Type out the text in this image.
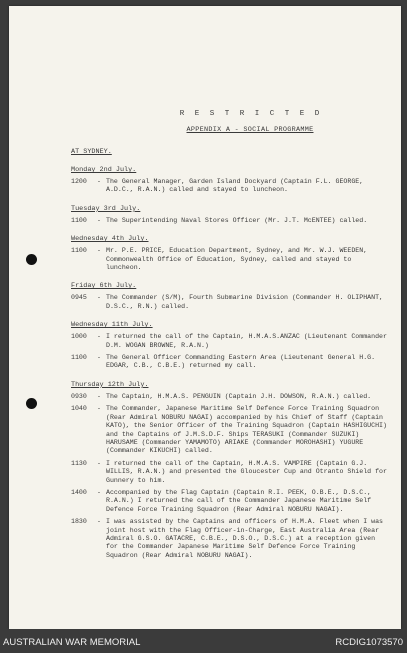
R E S T R I C T E D
APPENDIX A - SOCIAL PROGRAMME
AT SYDNEY.
Monday 2nd July.
1200	- The General Manager, Garden Island Dockyard (Captain F.L. GEORGE, A.D.C., R.A.N.) called and stayed to luncheon.
Tuesday 3rd July.
1100	- The Superintending Naval Stores Officer (Mr. J.T. McENTEE) called.
Wednesday 4th July.
1100	- Mr. P.E. PRICE, Education Department, Sydney, and Mr. W.J. WEEDEN, Commonwealth Office of Education, Sydney, called and stayed to luncheon.
Friday 6th July.
0945	- The Commander (S/M), Fourth Submarine Division (Commander H. OLIPHANT, D.S.C., R.N.) called.
Wednesday 11th July.
1000	- I returned the call of the Captain, H.M.A.S.ANZAC (Lieutenant Commander D.M. WOGAN BROWNE, R.A.N.)
1100	- The General Officer Commanding Eastern Area (Lieutenant General H.G. EDGAR, C.B., C.B.E.) returned my call.
Thursday 12th July.
0930	- The Captain, H.M.A.S. PENGUIN (Captain J.H. DOWSON, R.A.N.) called.
1040	- The Commander, Japanese Maritime Self Defence Force Training Squadron (Rear Admiral NOBURU NAGAI) accompanied by his Chief of Staff (Captain KATO), the Senior Officer of the Training Squadron (Captain HASHIGUCHI) and the Captains of J.M.S.D.F. Ships TERASUKI (Commander SUZUKI) HARUSAME (Commander YAMAMOTO) ARIAKE (Commander MOROHASHI) YUGURE (Commander KIKUCHI) called.
1130	- I returned the call of the Captain, H.M.A.S. VAMPIRE (Captain G.J. WILLIS, R.A.N.) and presented the Gloucester Cup and Otranto Shield for Gunnery to him.
1400	- Accompanied by the Flag Captain (Captain R.I. PEEK, O.B.E., D.S.C., R.A.N.) I returned the call of the Commander Japanese Maritime Self Defence Force Training Squadron (Rear Admiral NOBURU NAGAI).
1830	- I was assisted by the Captains and officers of H.M.A. Fleet when I was joint host with the Flag Officer-in-Charge, East Australia Area (Rear Admiral G.S.O. GATACRE, C.B.E., D.S.O., D.S.C.) at a reception given for the Commander Japanese Maritime Self Defence Force Training Squadron (Rear Admiral NOBURU NAGAI).
AUSTRALIAN WAR MEMORIAL	RCDIG1073570
